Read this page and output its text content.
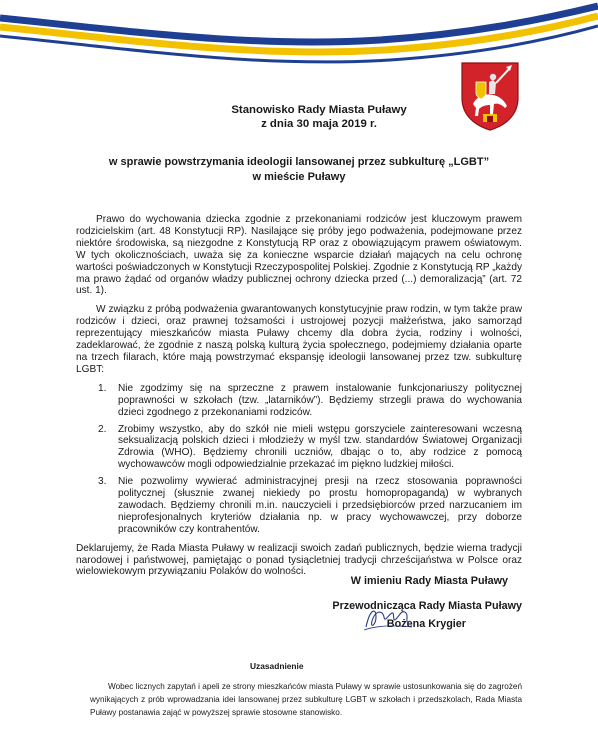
Stanowisko Rady Miasta Puławy
z dnia 30 maja 2019 r.
w sprawie powstrzymania ideologii lansowanej przez subkulturę „LGBT”
w mieście Puławy

Prawo do wychowania dziecka zgodnie z przekonaniami rodziców jest kluczowym prawem rodzicielskim (art. 48 Konstytucji RP). Nasilające się próby jego podważenia, podejmowane przez niektóre środowiska, są niezgodne z Konstytucją RP oraz z obowiązującym prawem oświatowym. W tych okolicznościach, uważa się za konieczne wsparcie działań mających na celu ochronę wartości poświadczonych w Konstytucji Rzeczypospolitej Polskiej. Zgodnie z Konstytucją RP „każdy ma prawo żądać od organów władzy publicznej ochrony dziecka przed (...) demoralizacją” (art. 72 ust. 1).

W związku z próbą podważenia gwarantowanych konstytucyjnie praw rodzin, w tym także praw rodziców i dzieci, oraz prawnej tożsamości i ustrojowej pozycji małżeństwa, jako samorząd reprezentujący mieszkańców miasta Puławy chcemy dla dobra życia, rodziny i wolności, zadeklarować, że zgodnie z naszą polską kulturą życia społecznego, podejmiemy działania oparte na trzech filarach, które mają powstrzymać ekspansję ideologii lansowanej przez tzw. subkulturę LGBT:

1. Nie zgodzimy się na sprzeczne z prawem instalowanie funkcjonariuszy politycznej poprawności w szkołach (tzw. „latarników”). Będziemy strzegli prawa do wychowania dzieci zgodnego z przekonaniami rodziców.
2. Zrobimy wszystko, aby do szkół nie mieli wstępu gorszyciele zainteresowani wczesną seksualizacją polskich dzieci i młodzieży w myśl tzw. standardów Światowej Organizacji Zdrowia (WHO). Będziemy chronili uczniów, dbając o to, aby rodzice z pomocą wychowawców mogli odpowiedzialnie przekazać im piękno ludzkiej miłości.
3. Nie pozwolimy wywierać administracyjnej presji na rzecz stosowania poprawności politycznej (słusznie zwanej niekiedy po prostu homopropagandą) w wybranych zawodach. Będziemy chronili m.in. nauczycieli i przedsiębiorców przed narzucaniem im nieprofesjonalnych kryteriów działania np. w pracy wychowawczej, przy doborze pracowników czy kontrahentów.

Deklarujemy, że Rada Miasta Puławy w realizacji swoich zadań publicznych, będzie wierna tradycji narodowej i państwowej, pamiętając o ponad tysiącletniej tradycji chrześcijaństwa w Polsce oraz wielowiekowym przywiązaniu Polaków do wolności.

W imieniu Rady Miasta Puławy
Przewodnicząca Rady Miasta Puławy
Bożena Krygier
Uzasadnienie
Wobec licznych zapytań i apeli ze strony mieszkańców miasta Puławy w sprawie ustosunkowania się do zagrożeń wynikających z prób wprowadzania idei lansowanej przez subkulturę LGBT w szkołach i przedszkolach, Rada Miasta Puławy postanawia zająć w powyższej sprawie stosowne stanowisko.
